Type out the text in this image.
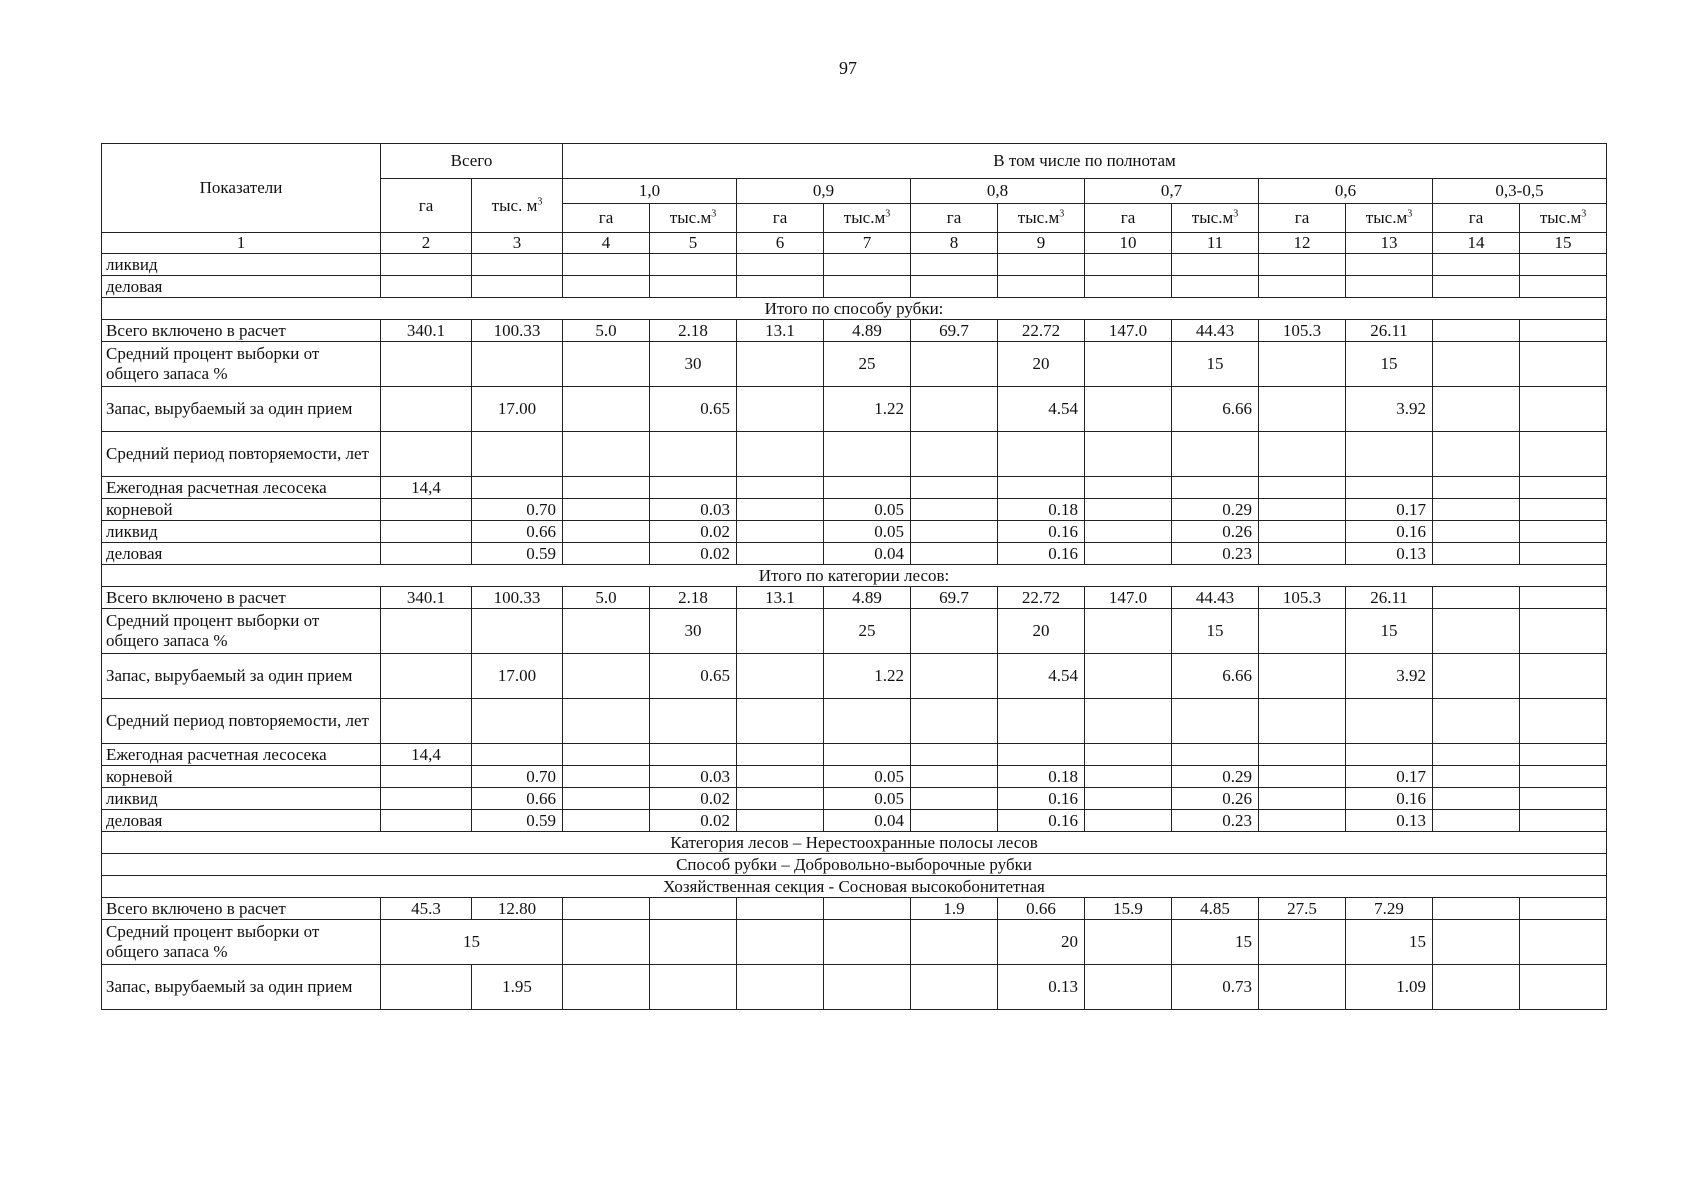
97
Показатели	Всего		В том числе по полнотам											
	га	тыс. $м^3$	1,0		0,9		0,8		0,7		0,6		0,3-0,5	
			га	$тыс.м^3$	га	$тыс.м^3$	га	$тыс.м^3$	га	$тыс.м^3$	га	$тыс.м^3$	га	$тыс.м^3$
1	2	3	4	5	6	7	8	9	10	11	12	13	14	15
ликвид														
деловая														
Итого по способу рубки:														
Всего включено в расчет	340.1	100.33	5.0	2.18	13.1	4.89	69.7	22.72	147.0	44.43	105.3	26.11		
Средний процент выборки от общего запаса %				30		25		20		15		15		
Запас, вырубаемый за один прием		17.00		0.65		1.22		4.54		6.66		3.92		
Средний период повторяемости, лет														
Ежегодная расчетная лесосека	14,4													
корневой		0.70		0.03		0.05		0.18		0.29		0.17		
ликвид		0.66		0.02		0.05		0.16		0.26		0.16		
деловая		0.59		0.02		0.04		0.16		0.23		0.13		
Итого по категории лесов:														
Всего включено в расчет	340.1	100.33	5.0	2.18	13.1	4.89	69.7	22.72	147.0	44.43	105.3	26.11		
Средний процент выборки от общего запаса %				30		25		20		15		15		
Запас, вырубаемый за один прием		17.00		0.65		1.22		4.54		6.66		3.92		
Средний период повторяемости, лет														
Ежегодная расчетная лесосека	14,4													
корневой		0.70		0.03		0.05		0.18		0.29		0.17		
ликвид		0.66		0.02		0.05		0.16		0.26		0.16		
деловая		0.59		0.02		0.04		0.16		0.23		0.13		
Категория лесов – Нерестоохранные полосы лесов														
Способ рубки – Добровольно-выборочные рубки														
Хозяйственная секция - Сосновая высокобонитетная														
Всего включено в расчет	45.3	12.80					1.9	0.66	15.9	4.85	27.5	7.29		
Средний процент выборки от общего запаса %	15							20		15		15		
Запас, вырубаемый за один прием		1.95						0.13		0.73		1.09		
